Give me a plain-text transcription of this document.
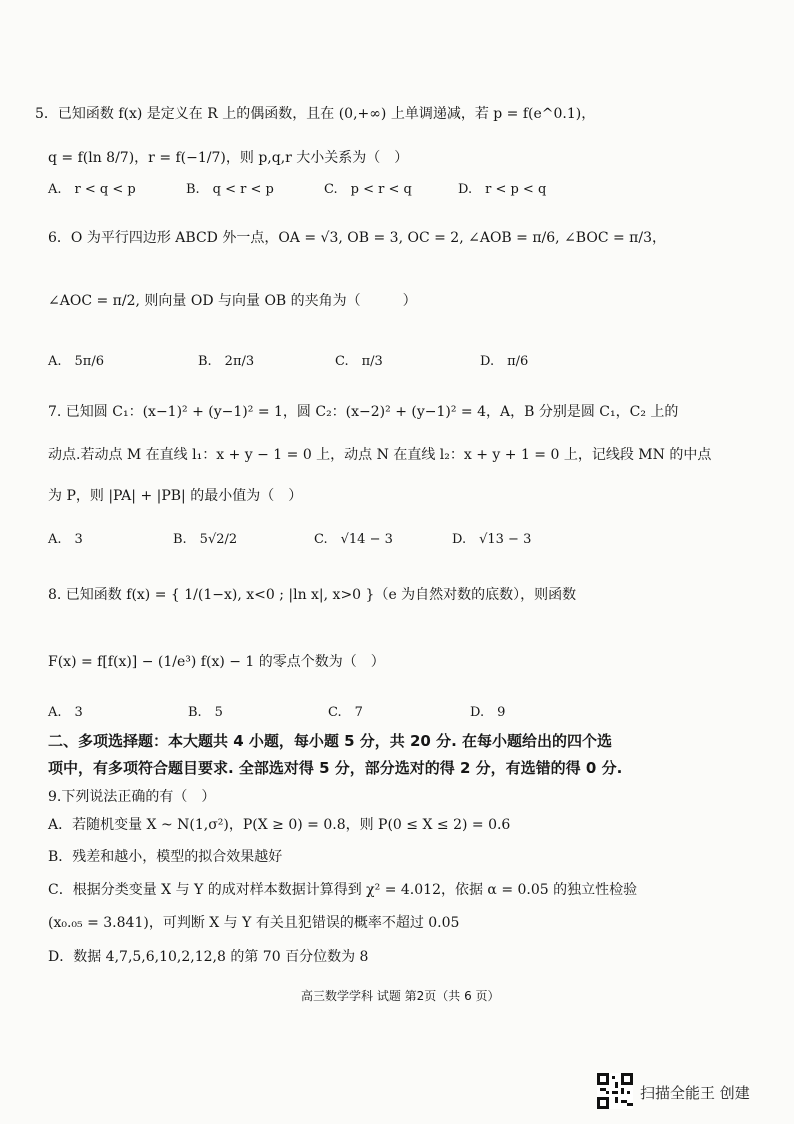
5．已知函数 f(x) 是定义在 R 上的偶函数，且在 (0,+∞) 上单调递减，若 p = f(e^0.1)，
q = f(ln 8/7)，r = f(−1/7)，则 p,q,r 大小关系为（　）
A.　r < q < p	B.　q < r < p	C.　p < r < q	D.　r < p < q
6．O 为平行四边形 ABCD 外一点，OA = √3, OB = 3, OC = 2, ∠AOB = π/6, ∠BOC = π/3，
∠AOC = π/2, 则向量 OD 与向量 OB 的夹角为（　　　）
A.　5π/6	B.　2π/3	C.　π/3	D.　π/6
7. 已知圆 C₁：(x−1)² + (y−1)² = 1，圆 C₂：(x−2)² + (y−1)² = 4，A，B 分别是圆 C₁，C₂ 上的
动点.若动点 M 在直线 l₁：x + y − 1 = 0 上，动点 N 在直线 l₂：x + y + 1 = 0 上，记线段 MN 的中点
为 P，则 |PA| + |PB| 的最小值为（　）
A.　3	B.　5√2/2	C.　√14 − 3	D.　√13 − 3
8. 已知函数 f(x) = { 1/(1−x), x<0 ; |ln x|, x>0 }（e 为自然对数的底数），则函数
F(x) = f[f(x)] − (1/e³) f(x) − 1 的零点个数为（　）
A.　3	B.　5	C.　7	D.　9
二、多项选择题：本大题共 4 小题，每小题 5 分，共 20 分. 在每小题给出的四个选
项中，有多项符合题目要求. 全部选对得 5 分，部分选对的得 2 分，有选错的得 0 分.
9.下列说法正确的有（　）
A．若随机变量 X ~ N(1,σ²)，P(X ≥ 0) = 0.8，则 P(0 ≤ X ≤ 2) = 0.6
B．残差和越小，模型的拟合效果越好
C．根据分类变量 X 与 Y 的成对样本数据计算得到 χ² = 4.012，依据 α = 0.05 的独立性检验
(x₀.₀₅ = 3.841)，可判断 X 与 Y 有关且犯错误的概率不超过 0.05
D．数据 4,7,5,6,10,2,12,8 的第 70 百分位数为 8
高三数学学科 试题 第2页（共 6 页）
扫描全能王 创建
